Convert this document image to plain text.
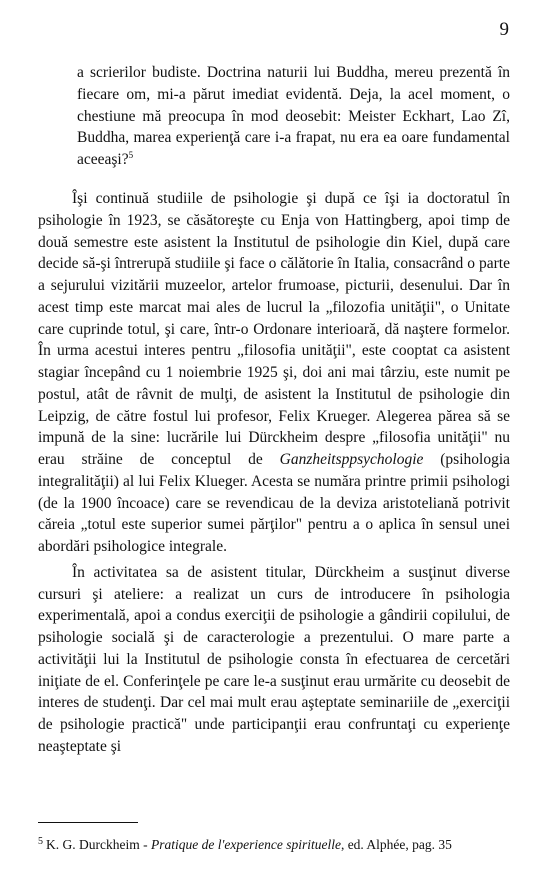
9

a scrierilor budiste. Doctrina naturii lui Buddha, mereu prezentă în fiecare om, mi-a părut imediat evidentă. Deja, la acel moment, o chestiune mă preocupa în mod deosebit: Meister Eckhart, Lao Zî, Buddha, marea experienţă care i-a frapat, nu era ea oare fundamental aceeaşi?$^5$

Îşi continuă studiile de psihologie şi după ce îşi ia doctoratul în psihologie în 1923, se căsătoreşte cu Enja von Hattingberg, apoi timp de două semestre este asistent la Institutul de psihologie din Kiel, după care decide să-şi întrerupă studiile şi face o călătorie în Italia, consacrând o parte a sejurului vizitării muzeelor, artelor frumoase, picturii, desenului. Dar în acest timp este marcat mai ales de lucrul la „filozofia unităţii", o Unitate care cuprinde totul, şi care, într-o Ordonare interioară, dă naştere formelor. În urma acestui interes pentru „filosofia unităţii", este cooptat ca asistent stagiar începând cu 1 noiembrie 1925 şi, doi ani mai târziu, este numit pe postul, atât de râvnit de mulţi, de asistent la Institutul de psihologie din Leipzig, de către fostul lui profesor, Felix Krueger. Alegerea părea să se impună de la sine: lucrările lui Dürckheim despre „filosofia unităţii" nu erau străine de conceptul de Ganzheitsppsychologie (psihologia integralităţii) al lui Felix Klueger. Acesta se număra printre primii psihologi (de la 1900 încoace) care se revendicau de la deviza aristoteliană potrivit căreia „totul este superior sumei părţilor" pentru a o aplica în sensul unei abordări psihologice integrale.

În activitatea sa de asistent titular, Dürckheim a susţinut diverse cursuri şi ateliere: a realizat un curs de introducere în psihologia experimentală, apoi a condus exerciţii de psihologie a gândirii copilului, de psihologie socială şi de caracterologie a prezentului. O mare parte a activităţii lui la Institutul de psihologie consta în efectuarea de cercetări iniţiate de el. Conferinţele pe care le-a susţinut erau urmărite cu deosebit de interes de studenţi. Dar cel mai mult erau aşteptate seminariile de „exerciţii de psihologie practică" unde participanţii erau confruntaţi cu experienţe neaşteptate şi

$^5$ K. G. Durckheim - Pratique de l'experience spirituelle, ed. Alphée, pag. 35
